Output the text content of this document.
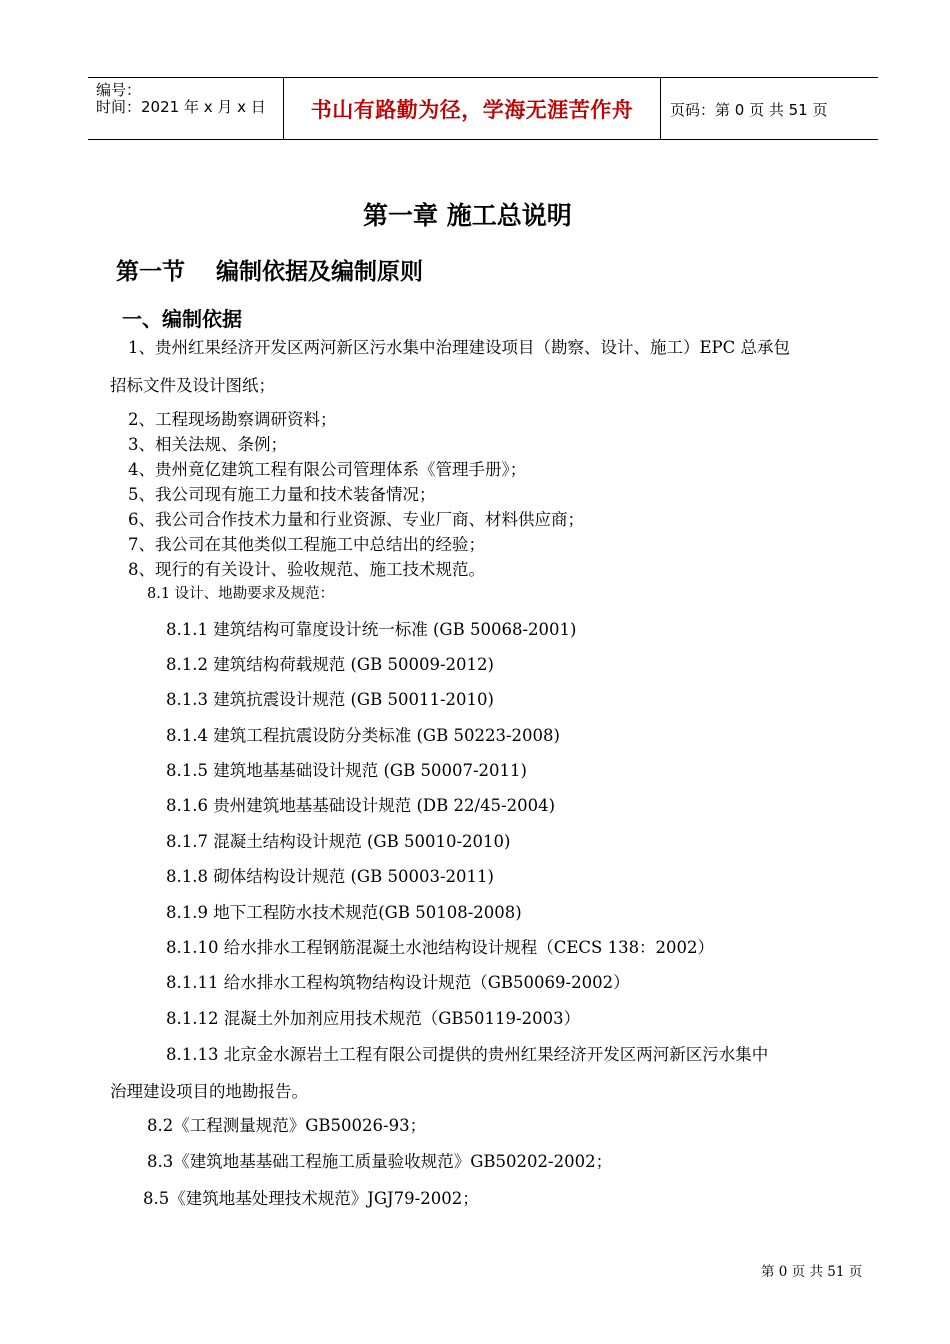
编号：
时间：2021 年 x 月 x 日	书山有路勤为径，学海无涯苦作舟	页码：第 0 页 共 51 页
第一章 施工总说明
第一节　 编制依据及编制原则
一、编制依据
1、贵州红果经济开发区两河新区污水集中治理建设项目（勘察、设计、施工）EPC 总承包
招标文件及设计图纸；
2、工程现场勘察调研资料；
3、相关法规、条例；
4、贵州竟亿建筑工程有限公司管理体系《管理手册》；
5、我公司现有施工力量和技术装备情况；
6、我公司合作技术力量和行业资源、专业厂商、材料供应商；
7、我公司在其他类似工程施工中总结出的经验；
8、现行的有关设计、验收规范、施工技术规范。
8.1 设计、地勘要求及规范：
8.1.1 建筑结构可靠度设计统一标准 (GB 50068-2001)
8.1.2 建筑结构荷载规范 (GB 50009-2012)
8.1.3 建筑抗震设计规范 (GB 50011-2010)
8.1.4 建筑工程抗震设防分类标准 (GB 50223-2008)
8.1.5 建筑地基基础设计规范 (GB 50007-2011)
8.1.6 贵州建筑地基基础设计规范 (DB 22/45-2004)
8.1.7 混凝土结构设计规范 (GB 50010-2010)
8.1.8 砌体结构设计规范 (GB 50003-2011)
8.1.9 地下工程防水技术规范(GB 50108-2008)
8.1.10 给水排水工程钢筋混凝土水池结构设计规程（CECS 138：2002）
8.1.11 给水排水工程构筑物结构设计规范（GB50069-2002）
8.1.12 混凝土外加剂应用技术规范（GB50119-2003）
8.1.13 北京金水源岩土工程有限公司提供的贵州红果经济开发区两河新区污水集中
治理建设项目的地勘报告。
8.2《工程测量规范》GB50026-93；
8.3《建筑地基基础工程施工质量验收规范》GB50202-2002；
8.5《建筑地基处理技术规范》JGJ79-2002；
第 0 页 共 51 页
